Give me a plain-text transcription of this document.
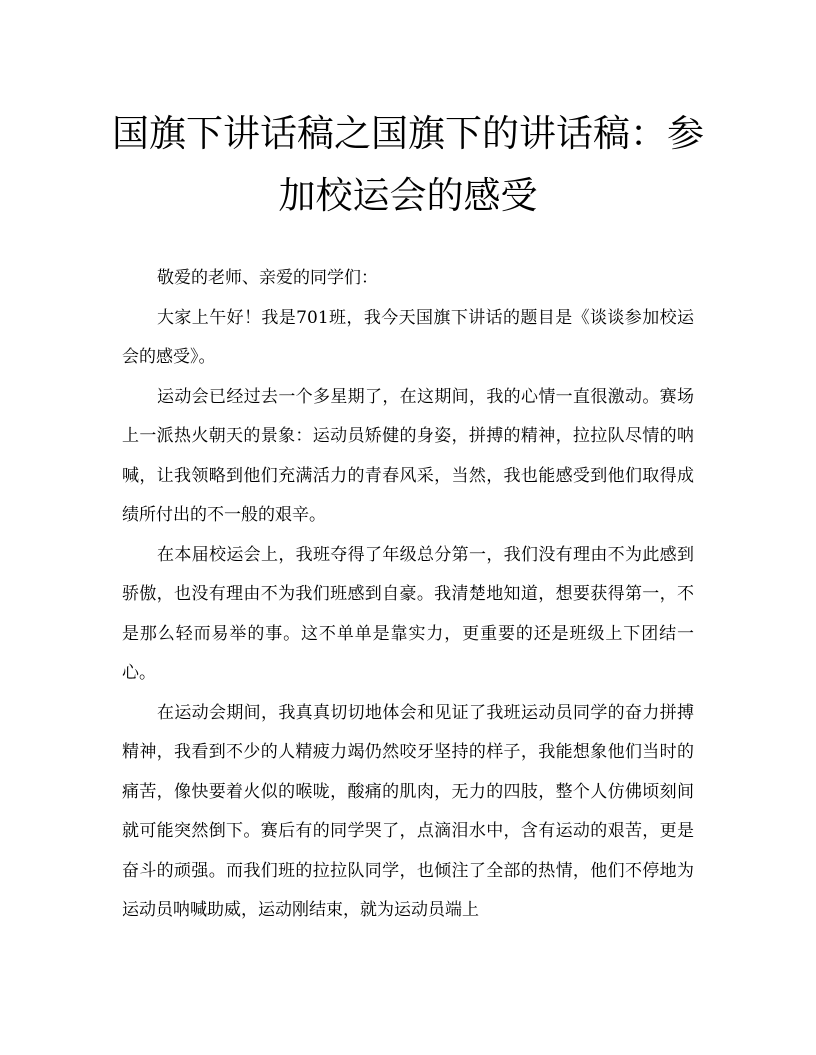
国旗下讲话稿之国旗下的讲话稿：参加校运会的感受

敬爱的老师、亲爱的同学们：

大家上午好！我是701班，我今天国旗下讲话的题目是《谈谈参加校运会的感受》。

运动会已经过去一个多星期了，在这期间，我的心情一直很激动。赛场上一派热火朝天的景象：运动员矫健的身姿，拼搏的精神，拉拉队尽情的呐喊，让我领略到他们充满活力的青春风采，当然，我也能感受到他们取得成绩所付出的不一般的艰辛。

在本届校运会上，我班夺得了年级总分第一，我们没有理由不为此感到骄傲，也没有理由不为我们班感到自豪。我清楚地知道，想要获得第一，不是那么轻而易举的事。这不单单是靠实力，更重要的还是班级上下团结一心。

在运动会期间，我真真切切地体会和见证了我班运动员同学的奋力拼搏精神，我看到不少的人精疲力竭仍然咬牙坚持的样子，我能想象他们当时的痛苦，像快要着火似的喉咙，酸痛的肌肉，无力的四肢，整个人仿佛顷刻间就可能突然倒下。赛后有的同学哭了，点滴泪水中，含有运动的艰苦，更是奋斗的顽强。而我们班的拉拉队同学，也倾注了全部的热情，他们不停地为运动员呐喊助威，运动刚结束，就为运动员端上
